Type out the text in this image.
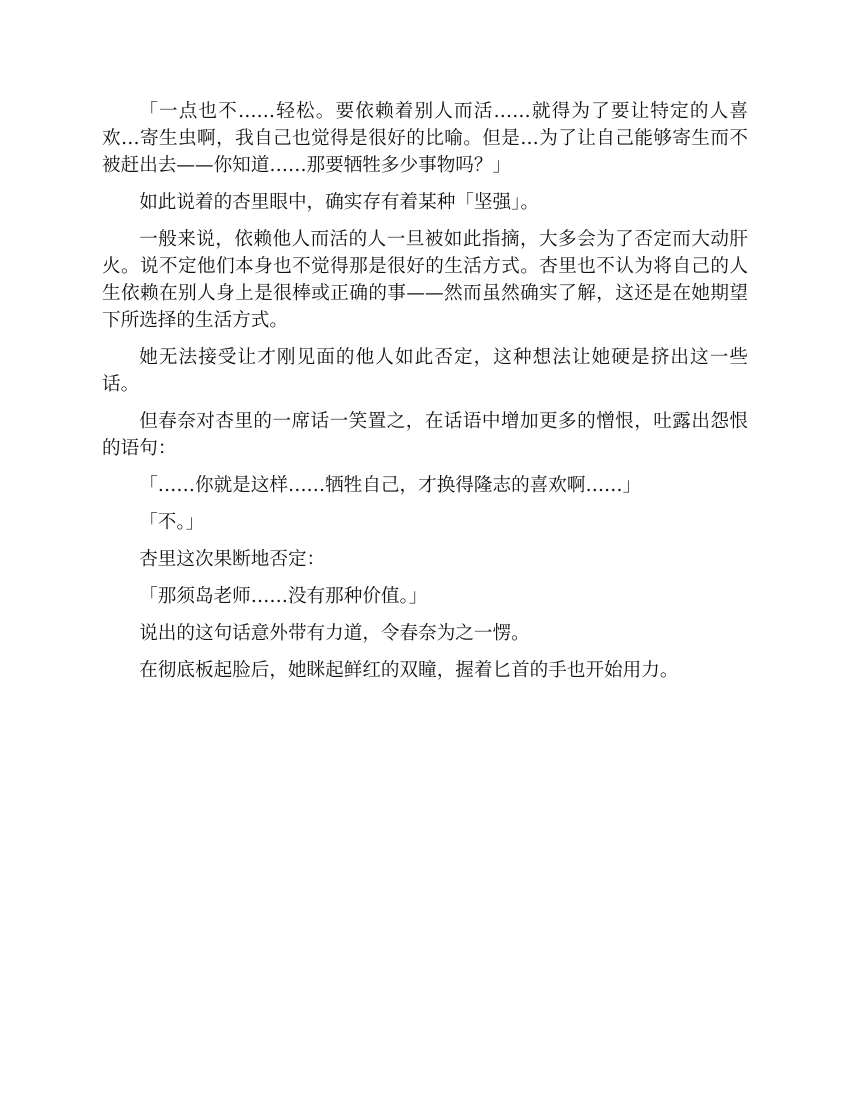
「一点也不……轻松。要依赖着别人而活……就得为了要让特定的人喜欢…寄生虫啊，我自己也觉得是很好的比喻。但是…为了让自己能够寄生而不被赶出去——你知道……那要牺牲多少事物吗？」

如此说着的杏里眼中，确实存有着某种「坚强」。

一般来说，依赖他人而活的人一旦被如此指摘，大多会为了否定而大动肝火。说不定他们本身也不觉得那是很好的生活方式。杏里也不认为将自己的人生依赖在别人身上是很棒或正确的事——然而虽然确实了解，这还是在她期望下所选择的生活方式。

她无法接受让才刚见面的他人如此否定，这种想法让她硬是挤出这一些话。

但春奈对杏里的一席话一笑置之，在话语中增加更多的憎恨，吐露出怨恨的语句：

「……你就是这样……牺牲自己，才换得隆志的喜欢啊……」

「不。」

杏里这次果断地否定：

「那须岛老师……没有那种价值。」

说出的这句话意外带有力道，令春奈为之一愣。

在彻底板起脸后，她眯起鲜红的双瞳，握着匕首的手也开始用力。
